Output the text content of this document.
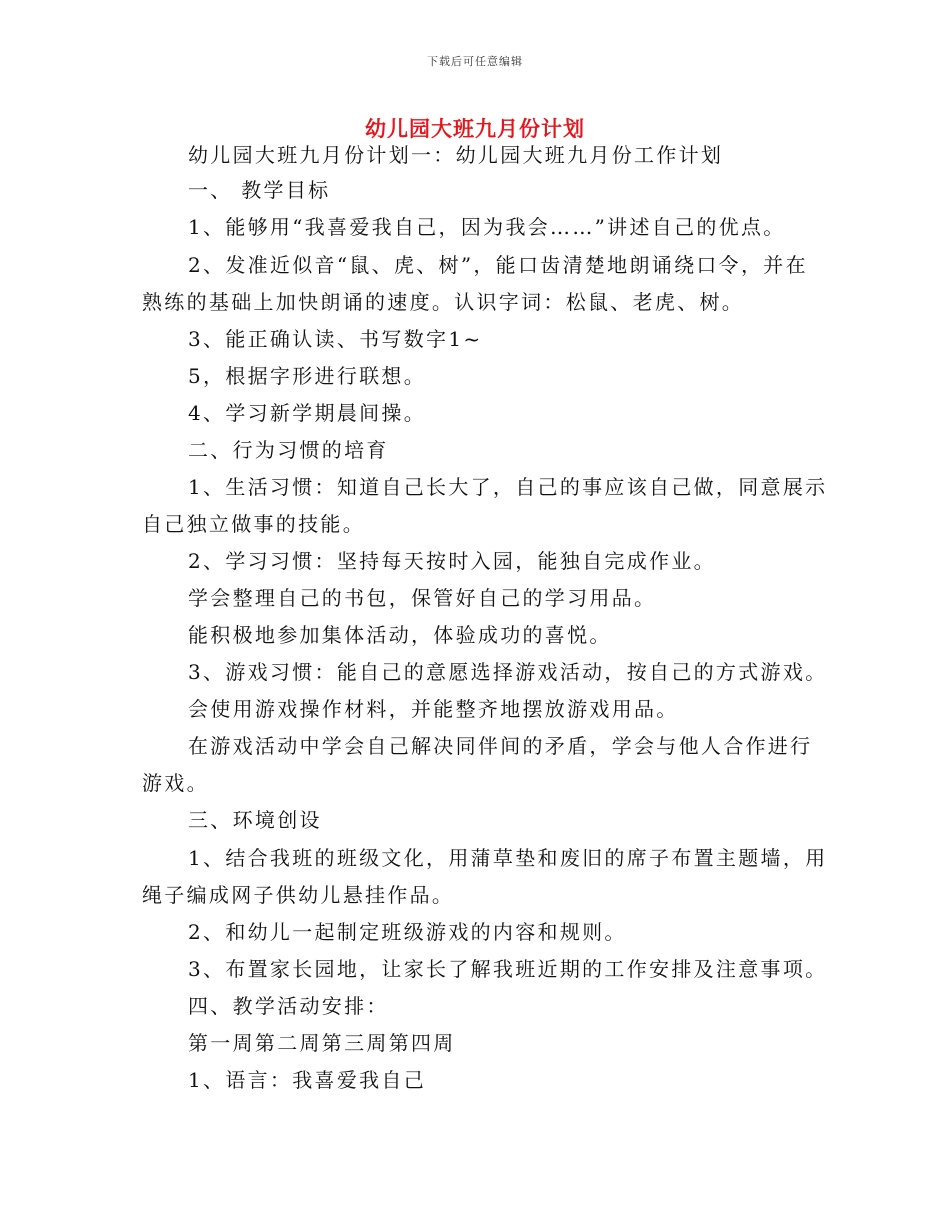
下载后可任意编辑
幼儿园大班九月份计划
幼儿园大班九月份计划一：幼儿园大班九月份工作计划
一、 教学目标
1、能够用“我喜爱我自己，因为我会……”讲述自己的优点。
2、发准近似音“鼠、虎、树”，能口齿清楚地朗诵绕口令，并在
熟练的基础上加快朗诵的速度。认识字词：松鼠、老虎、树。
3、能正确认读、书写数字1~
5，根据字形进行联想。
4、学习新学期晨间操。
二、行为习惯的培育
1、生活习惯：知道自己长大了，自己的事应该自己做，同意展示
自己独立做事的技能。
2、学习习惯：坚持每天按时入园，能独自完成作业。
学会整理自己的书包，保管好自己的学习用品。
能积极地参加集体活动，体验成功的喜悦。
3、游戏习惯：能自己的意愿选择游戏活动，按自己的方式游戏。
会使用游戏操作材料，并能整齐地摆放游戏用品。
在游戏活动中学会自己解决同伴间的矛盾，学会与他人合作进行
游戏。
三、环境创设
1、结合我班的班级文化，用蒲草垫和废旧的席子布置主题墙，用
绳子编成网子供幼儿悬挂作品。
2、和幼儿一起制定班级游戏的内容和规则。
3、布置家长园地，让家长了解我班近期的工作安排及注意事项。
四、教学活动安排：
第一周第二周第三周第四周
1、语言：我喜爱我自己
